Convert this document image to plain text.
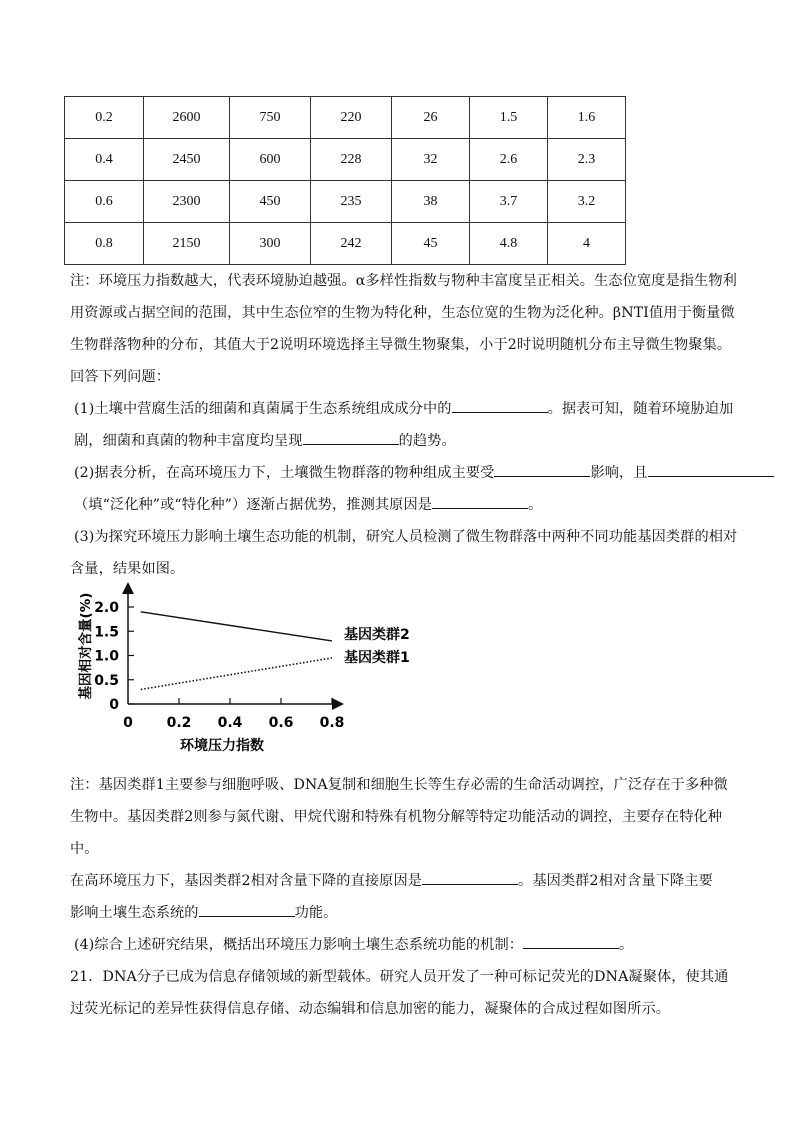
0.2	2600	750	220	26	1.5	1.6
0.4	2450	600	228	32	2.6	2.3
0.6	2300	450	235	38	3.7	3.2
0.8	2150	300	242	45	4.8	4
注：环境压力指数越大，代表环境胁迫越强。α多样性指数与物种丰富度呈正相关。生态位宽度是指生物利
用资源或占据空间的范围，其中生态位窄的生物为特化种，生态位宽的生物为泛化种。βNTI值用于衡量微
生物群落物种的分布，其值大于2说明环境选择主导微生物聚集，小于2时说明随机分布主导微生物聚集。
回答下列问题：
(1)土壤中营腐生活的细菌和真菌属于生态系统组成成分中的	。据表可知，随着环境胁迫加
剧，细菌和真菌的物种丰富度均呈现	的趋势。
(2)据表分析，在高环境压力下，土壤微生物群落的物种组成主要受	影响，且
（填“泛化种”或“特化种”）逐渐占据优势，推测其原因是	。
(3)为探究环境压力影响土壤生态功能的机制，研究人员检测了微生物群落中两种不同功能基因类群的相对
含量，结果如图。
0
0.5
1.0
1.5
2.0
0 0.2 0.4 0.6 0.8
基因类群2
基因类群1
基因相对含量(%)
环境压力指数
注：基因类群1主要参与细胞呼吸、DNA复制和细胞生长等生存必需的生命活动调控，广泛存在于多种微
生物中。基因类群2则参与氮代谢、甲烷代谢和特殊有机物分解等特定功能活动的调控，主要存在特化种
中。
在高环境压力下，基因类群2相对含量下降的直接原因是	。基因类群2相对含量下降主要
影响土壤生态系统的	功能。
(4)综合上述研究结果，概括出环境压力影响土壤生态系统功能的机制：	。
21．DNA分子已成为信息存储领域的新型载体。研究人员开发了一种可标记荧光的DNA凝聚体，使其通
过荧光标记的差异性获得信息存储、动态编辑和信息加密的能力，凝聚体的合成过程如图所示。
